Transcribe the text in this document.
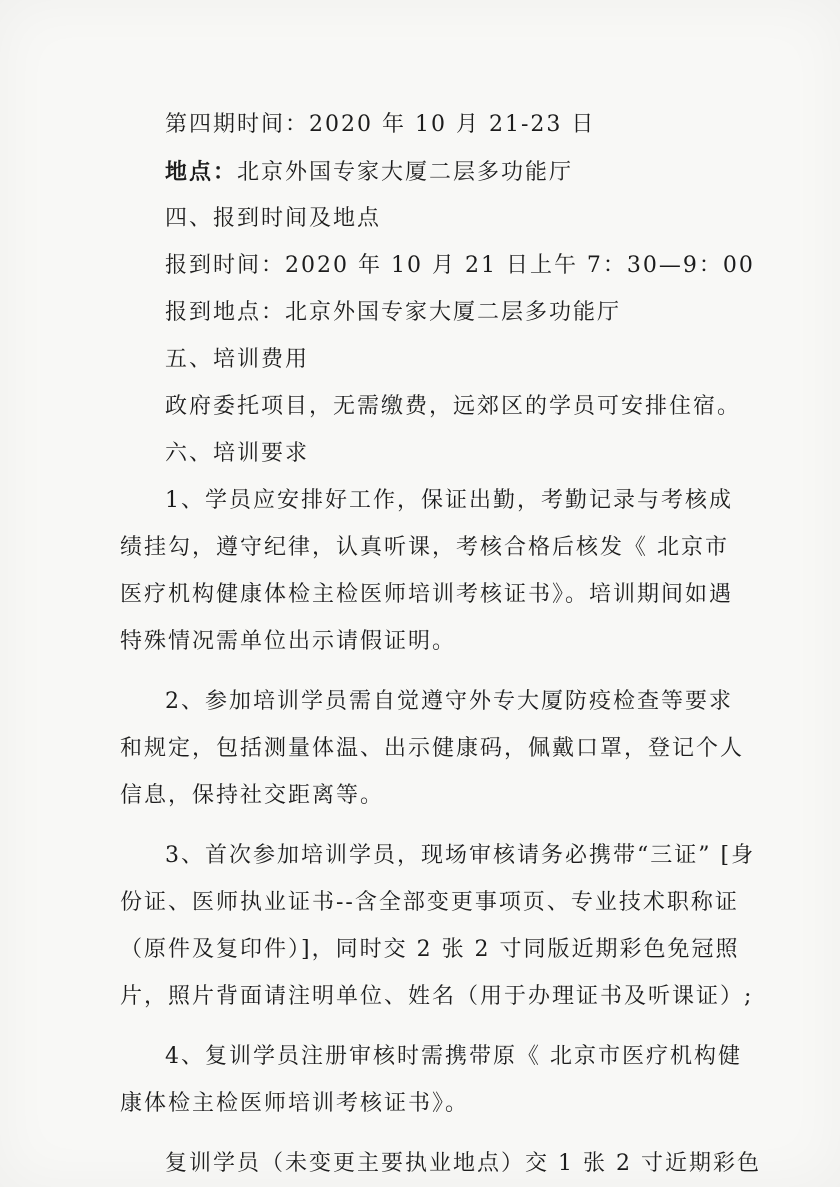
第四期时间：2020 年 10 月 21-23 日
地点：北京外国专家大厦二层多功能厅
四、报到时间及地点
报到时间：2020 年 10 月 21 日上午 7：30—9：00
报到地点：北京外国专家大厦二层多功能厅
五、培训费用
政府委托项目，无需缴费，远郊区的学员可安排住宿。
六、培训要求
1、学员应安排好工作，保证出勤，考勤记录与考核成
绩挂勾，遵守纪律，认真听课，考核合格后核发《 北京市
医疗机构健康体检主检医师培训考核证书》。培训期间如遇
特殊情况需单位出示请假证明。
2、参加培训学员需自觉遵守外专大厦防疫检查等要求
和规定，包括测量体温、出示健康码，佩戴口罩，登记个人
信息，保持社交距离等。
3、首次参加培训学员，现场审核请务必携带“三证” [身
份证、医师执业证书--含全部变更事项页、专业技术职称证
（原件及复印件）]，同时交 2 张 2 寸同版近期彩色免冠照
片，照片背面请注明单位、姓名（用于办理证书及听课证）;
4、复训学员注册审核时需携带原《 北京市医疗机构健
康体检主检医师培训考核证书》。
复训学员（未变更主要执业地点）交 1 张 2 寸近期彩色
